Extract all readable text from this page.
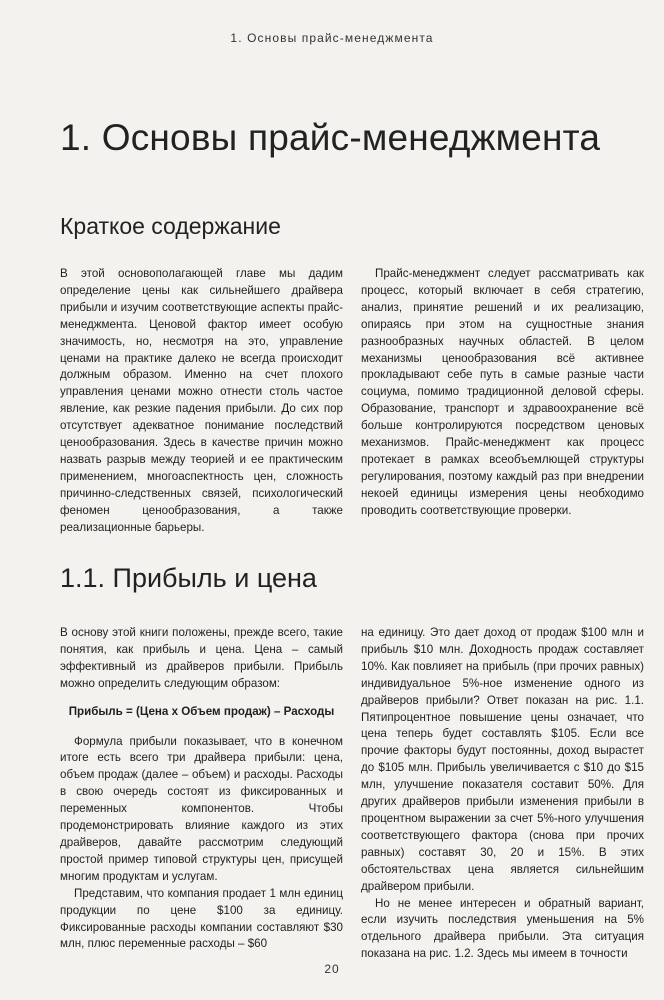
1. Основы прайс-менеджмента
1. Основы прайс-менеджмента
Краткое содержание

В этой основополагающей главе мы дадим определение цены как сильнейшего драйвера прибыли и изучим соответствующие аспекты прайс-менеджмента. Ценовой фактор имеет особую значимость, но, несмотря на это, управление ценами на практике далеко не всегда происходит должным образом. Именно на счет плохого управления ценами можно отнести столь частое явление, как резкие падения прибыли. До сих пор отсутствует адекватное понимание последствий ценообразования. Здесь в качестве причин можно назвать разрыв между теорией и ее практическим применением, многоаспектность цен, сложность причинно-следственных связей, психологический феномен ценообразования, а также реализационные барьеры.

Прайс-менеджмент следует рассматривать как процесс, который включает в себя стратегию, анализ, принятие решений и их реализацию, опираясь при этом на сущностные знания разнообразных научных областей. В целом механизмы ценообразования всё активнее прокладывают себе путь в самые разные части социума, помимо традиционной деловой сферы. Образование, транспорт и здравоохранение всё больше контролируются посредством ценовых механизмов. Прайс-менеджмент как процесс протекает в рамках всеобъемлющей структуры регулирования, поэтому каждый раз при внедрении некоей единицы измерения цены необходимо проводить соответствующие проверки.

1.1. Прибыль и цена

В основу этой книги положены, прежде всего, такие понятия, как прибыль и цена. Цена – самый эффективный из драйверов прибыли. Прибыль можно определить следующим образом:

Прибыль = (Цена x Объем продаж) – Расходы

Формула прибыли показывает, что в конечном итоге есть всего три драйвера прибыли: цена, объем продаж (далее – объем) и расходы. Расходы в свою очередь состоят из фиксированных и переменных компонентов. Чтобы продемонстрировать влияние каждого из этих драйверов, давайте рассмотрим следующий простой пример типовой структуры цен, присущей многим продуктам и услугам.

Представим, что компания продает 1 млн единиц продукции по цене $100 за единицу. Фиксированные расходы компании составляют $30 млн, плюс переменные расходы – $60

на единицу. Это дает доход от продаж $100 млн и прибыль $10 млн. Доходность продаж составляет 10%. Как повлияет на прибыль (при прочих равных) индивидуальное 5%-ное изменение одного из драйверов прибыли? Ответ показан на рис. 1.1. Пятипроцентное повышение цены означает, что цена теперь будет составлять $105. Если все прочие факторы будут постоянны, доход вырастет до $105 млн. Прибыль увеличивается с $10 до $15 млн, улучшение показателя составит 50%. Для других драйверов прибыли изменения прибыли в процентном выражении за счет 5%-ного улучшения соответствующего фактора (снова при прочих равных) составят 30, 20 и 15%. В этих обстоятельствах цена является сильнейшим драйвером прибыли.

Но не менее интересен и обратный вариант, если изучить последствия уменьшения на 5% отдельного драйвера прибыли. Эта ситуация показана на рис. 1.2. Здесь мы имеем в точности

20
